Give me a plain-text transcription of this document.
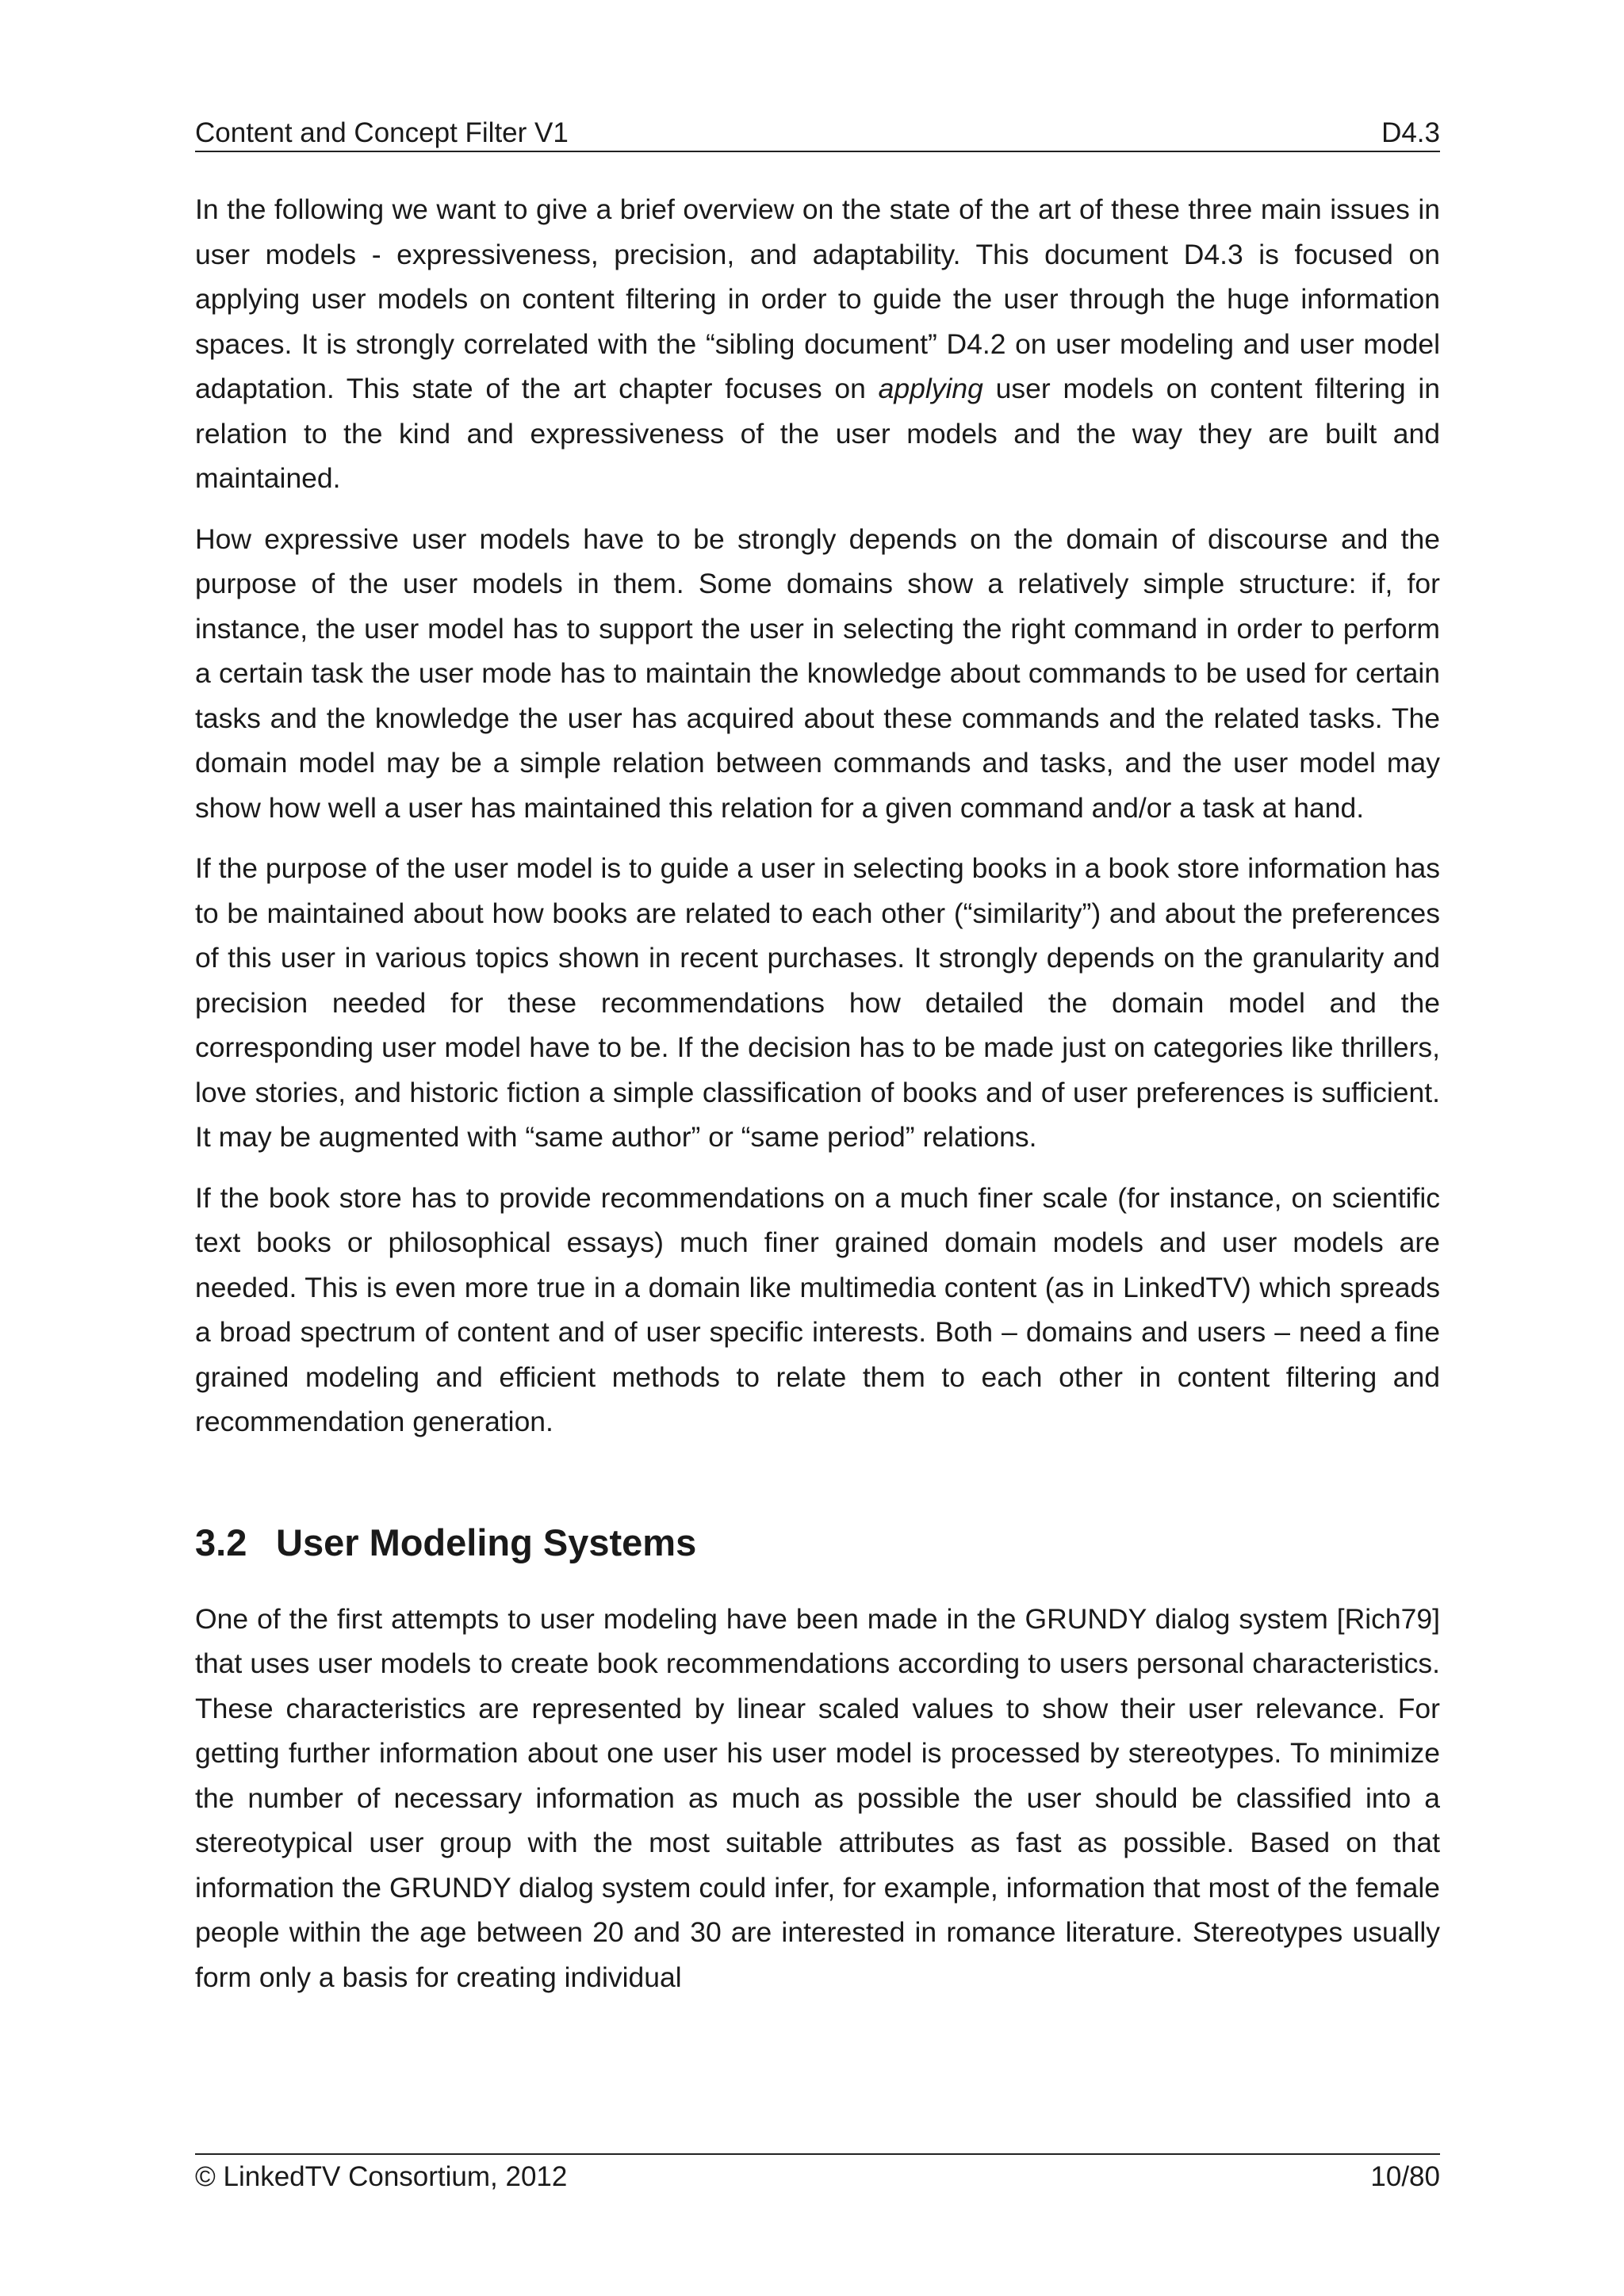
Content and Concept Filter V1	D4.3

In the following we want to give a brief overview on the state of the art of these three main issues in user models - expressiveness, precision, and adaptability. This document D4.3 is focused on applying user models on content filtering in order to guide the user through the huge information spaces. It is strongly correlated with the “sibling document” D4.2 on user modeling and user model adaptation. This state of the art chapter focuses on applying user models on content filtering in relation to the kind and expressiveness of the user models and the way they are built and maintained.

How expressive user models have to be strongly depends on the domain of discourse and the purpose of the user models in them. Some domains show a relatively simple structure: if, for instance, the user model has to support the user in selecting the right command in order to perform a certain task the user mode has to maintain the knowledge about commands to be used for certain tasks and the knowledge the user has acquired about these commands and the related tasks. The domain model may be a simple relation between commands and tasks, and the user model may show how well a user has maintained this relation for a given command and/or a task at hand.

If the purpose of the user model is to guide a user in selecting books in a book store information has to be maintained about how books are related to each other (“similarity”) and about the preferences of this user in various topics shown in recent purchases. It strongly depends on the granularity and precision needed for these recommendations how detailed the domain model and the corresponding user model have to be. If the decision has to be made just on categories like thrillers, love stories, and historic fiction a simple classification of books and of user preferences is sufficient. It may be augmented with “same author” or “same period” relations.

If the book store has to provide recommendations on a much finer scale (for instance, on scientific text books or philosophical essays) much finer grained domain models and user models are needed. This is even more true in a domain like multimedia content (as in LinkedTV) which spreads a broad spectrum of content and of user specific interests. Both – domains and users – need a fine grained modeling and efficient methods to relate them to each other in content filtering and recommendation generation.

3.2 User Modeling Systems

One of the first attempts to user modeling have been made in the GRUNDY dialog system [Rich79] that uses user models to create book recommendations according to users personal characteristics. These characteristics are represented by linear scaled values to show their user relevance. For getting further information about one user his user model is processed by stereotypes. To minimize the number of necessary information as much as possible the user should be classified into a stereotypical user group with the most suitable attributes as fast as possible. Based on that information the GRUNDY dialog system could infer, for example, information that most of the female people within the age between 20 and 30 are interested in romance literature. Stereotypes usually form only a basis for creating individual

© LinkedTV Consortium, 2012	10/80
